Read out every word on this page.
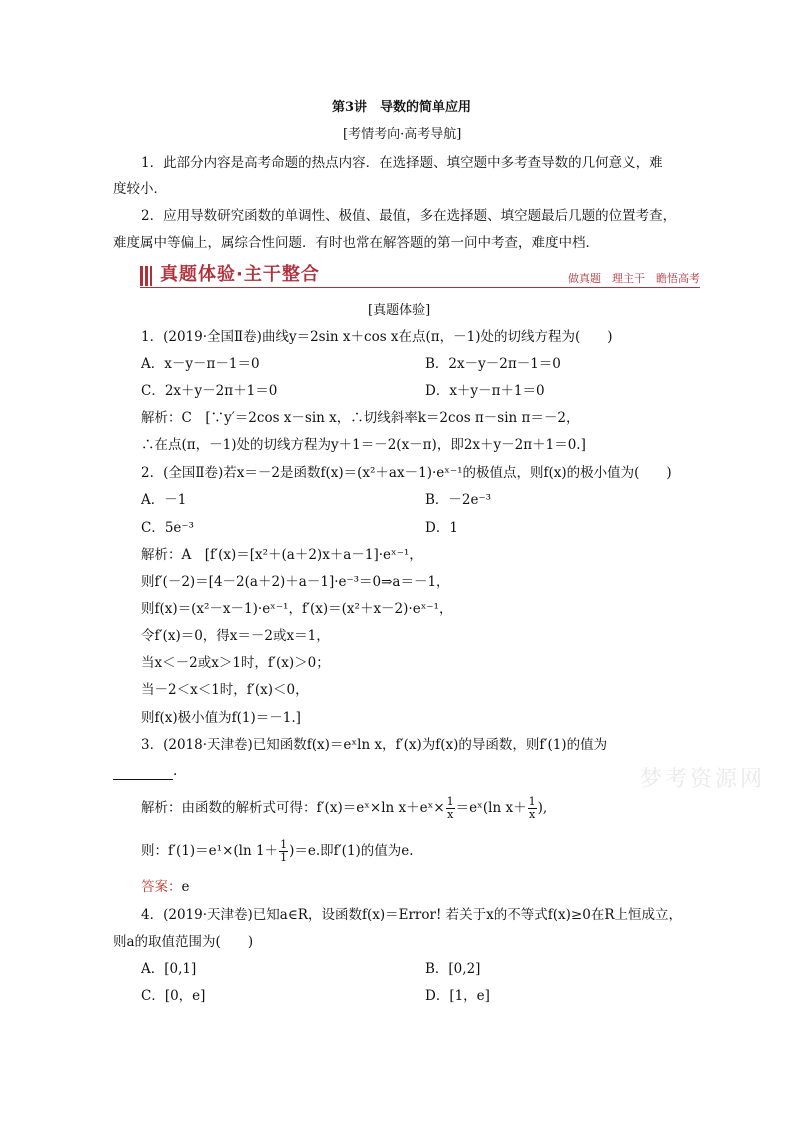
第3讲　导数的简单应用
[考情考向·高考导航]
1．此部分内容是高考命题的热点内容．在选择题、填空题中多考查导数的几何意义，难
度较小．
2．应用导数研究函数的单调性、极值、最值，多在选择题、填空题最后几题的位置考查，
难度属中等偏上，属综合性问题．有时也常在解答题的第一问中考查，难度中档．
真题体验·主干整合	做真题　理主干　瞻悟高考
[真题体验]
1．(2019·全国Ⅱ卷)曲线y＝2sin x＋cos x在点(π，－1)处的切线方程为(　　)
A．x－y－π－1＝0	B．2x－y－2π－1＝0
C．2x＋y－2π＋1＝0	D．x＋y－π＋1＝0
解析：C　[∵y′＝2cos x－sin x，∴切线斜率k＝2cos π－sin π＝－2，
∴在点(π，－1)处的切线方程为y＋1＝－2(x－π)，即2x＋y－2π＋1＝0.]
2．(全国Ⅱ卷)若x＝－2是函数f(x)＝(x²＋ax－1)·eˣ⁻¹的极值点，则f(x)的极小值为(　　)
A．－1	B．－2e⁻³
C．5e⁻³	D．1
解析：A　[f′(x)＝[x²＋(a＋2)x＋a－1]·eˣ⁻¹，
则f′(－2)＝[4－2(a＋2)＋a－1]·e⁻³＝0⇒a＝－1，
则f(x)＝(x²－x－1)·eˣ⁻¹，f′(x)＝(x²＋x－2)·eˣ⁻¹，
令f′(x)＝0，得x＝－2或x＝1，
当x＜－2或x＞1时，f′(x)＞0；
当－2＜x＜1时，f′(x)＜0，
则f(x)极小值为f(1)＝－1.]
3．(2018·天津卷)已知函数f(x)＝eˣln x，f′(x)为f(x)的导函数，则f′(1)的值为
.
解析：由函数的解析式可得：f′(x)＝eˣ×ln x＋eˣ× $\frac{1}{x}$ ＝eˣ(ln $x+ \frac{1}{x}$ ),
则：f′(1)＝e¹×(ln $1+ \frac{1}{1} )=e$.即f′(1)的值为e.
答案：e
4．(2019·天津卷)已知a∈R，设函数f(x)＝Error! 若关于x的不等式f(x)≥0在R上恒成立，
则a的取值范围为(　　)
A．[0,1]	B．[0,2]
C．[0，e]	D．[1，e]
梦考资源网
